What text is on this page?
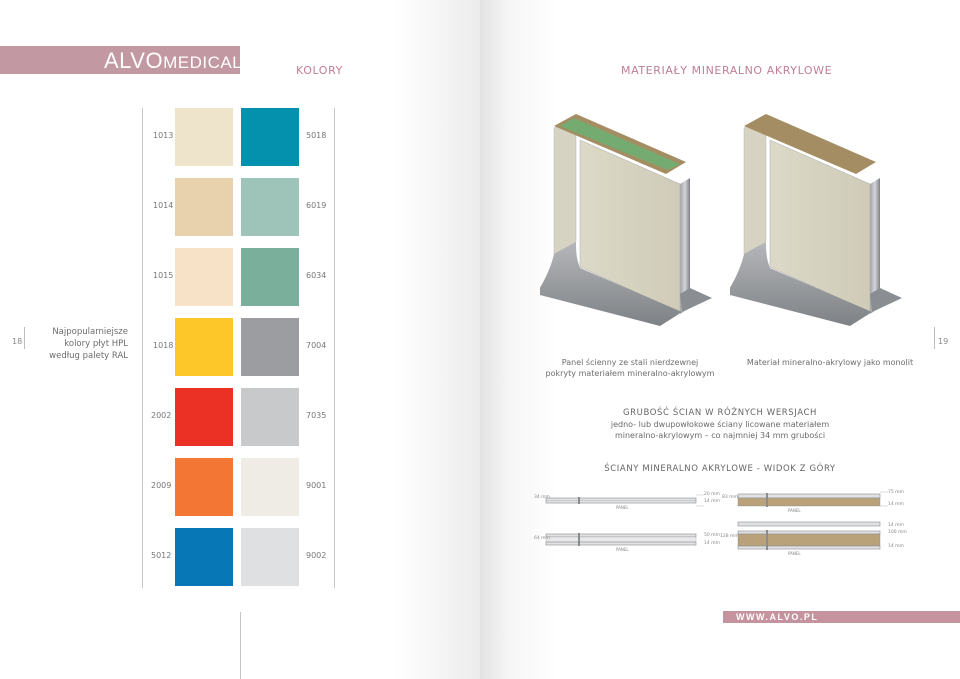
ALVOMEDICAL	KOLORY
18
Najpopularniejsze
kolory płyt HPL
według palety RAL
1013	5018
1014	6019
1015	6034
1018	7004
2002	7035
2009	9001
5012	9002
MATERIAŁY MINERALNO AKRYLOWE
Panel ścienny ze stali nierdzewnej
pokryty materiałem mineralno-akrylowym
Materiał mineralno-akrylowy jako monolit
19
GRUBOŚĆ ŚCIAN W RÓŻNYCH WERSJACH
jedno- lub dwupowłokowe ściany licowane materiałem
mineralno-akrylowym – co najmniej 34 mm grubości
ŚCIANY MINERALNO AKRYLOWE - WIDOK Z GÓRY
34 mm
20 mm
14 mm
PANEL
83 mm
75 mm
14 mm
PANEL
14 mm
64 mm
50 mm
14 mm
PANEL
128 mm
100 mm
14 mm
PANEL
WWW.ALVO.PL
